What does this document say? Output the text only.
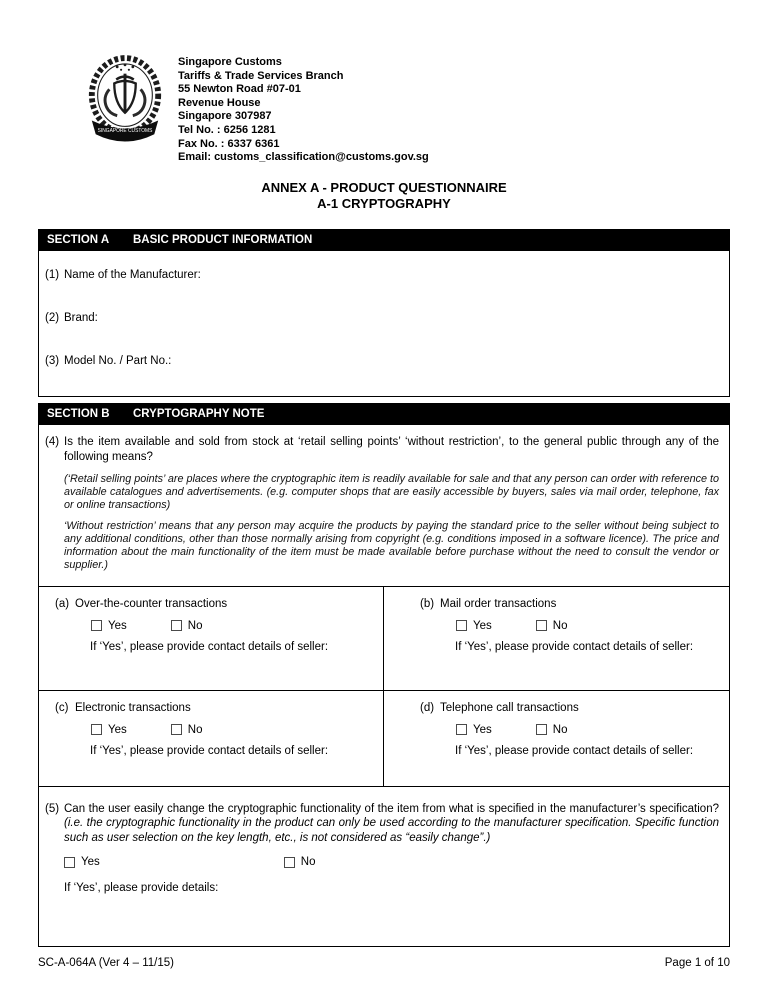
SINGAPORE CUSTOMS
Singapore Customs
Tariffs & Trade Services Branch
55 Newton Road #07-01
Revenue House
Singapore 307987
Tel No. : 6256 1281
Fax No. : 6337 6361
Email: customs_classification@customs.gov.sg
ANNEX A - PRODUCT QUESTIONNAIRE
A-1 CRYPTOGRAPHY
SECTION A	BASIC PRODUCT INFORMATION
(1) Name of the Manufacturer:
(2) Brand:
(3) Model No. / Part No.:
SECTION B	CRYPTOGRAPHY NOTE
(4) Is the item available and sold from stock at ‘retail selling points’ ‘without restriction’, to the general public through any of the following means?
(‘Retail selling points’ are places where the cryptographic item is readily available for sale and that any person can order with reference to available catalogues and advertisements. (e.g. computer shops that are easily accessible by buyers, sales via mail order, telephone, fax or online transactions)
‘Without restriction’ means that any person may acquire the products by paying the standard price to the seller without being subject to any additional conditions, other than those normally arising from copyright (e.g. conditions imposed in a software licence). The price and information about the main functionality of the item must be made available before purchase without the need to consult the vendor or supplier.)
(a) Over-the-counter transactions
Yes	No
If ‘Yes’, please provide contact details of seller:
(b) Mail order transactions
Yes	No
If ‘Yes’, please provide contact details of seller:
(c) Electronic transactions
Yes	No
If ‘Yes’, please provide contact details of seller:
(d) Telephone call transactions
Yes	No
If ‘Yes’, please provide contact details of seller:
(5) Can the user easily change the cryptographic functionality of the item from what is specified in the manufacturer’s specification? (i.e. the cryptographic functionality in the product can only be used according to the manufacturer specification. Specific function such as user selection on the key length, etc., is not considered as “easily change”.)
Yes	No
If ‘Yes’, please provide details:
SC-A-064A (Ver 4 – 11/15)	Page 1 of 10
